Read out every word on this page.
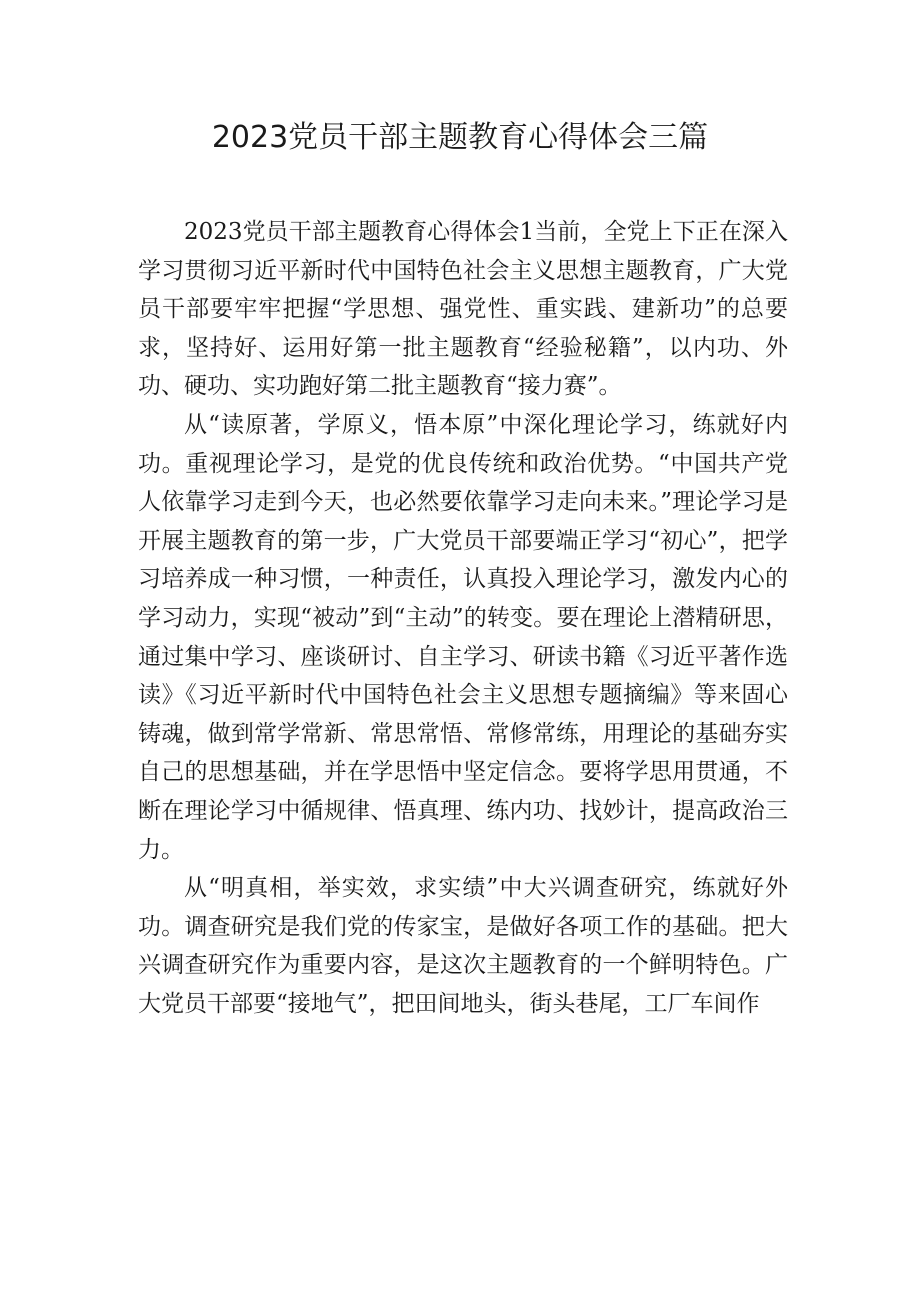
2023党员干部主题教育心得体会三篇

2023党员干部主题教育心得体会1当前，全党上下正在深入学习贯彻习近平新时代中国特色社会主义思想主题教育，广大党员干部要牢牢把握“学思想、强党性、重实践、建新功”的总要求，坚持好、运用好第一批主题教育“经验秘籍”，以内功、外功、硬功、实功跑好第二批主题教育“接力赛”。

从“读原著，学原义，悟本原”中深化理论学习，练就好内功。重视理论学习，是党的优良传统和政治优势。“中国共产党人依靠学习走到今天，也必然要依靠学习走向未来。”理论学习是开展主题教育的第一步，广大党员干部要端正学习“初心”，把学习培养成一种习惯，一种责任，认真投入理论学习，激发内心的学习动力，实现“被动”到“主动”的转变。要在理论上潜精研思，通过集中学习、座谈研讨、自主学习、研读书籍《习近平著作选读》《习近平新时代中国特色社会主义思想专题摘编》等来固心铸魂，做到常学常新、常思常悟、常修常练，用理论的基础夯实自己的思想基础，并在学思悟中坚定信念。要将学思用贯通，不断在理论学习中循规律、悟真理、练内功、找妙计，提高政治三力。

从“明真相，举实效，求实绩”中大兴调查研究，练就好外功。调查研究是我们党的传家宝，是做好各项工作的基础。把大兴调查研究作为重要内容，是这次主题教育的一个鲜明特色。广大党员干部要“接地气”，把田间地头，街头巷尾，工厂车间作
